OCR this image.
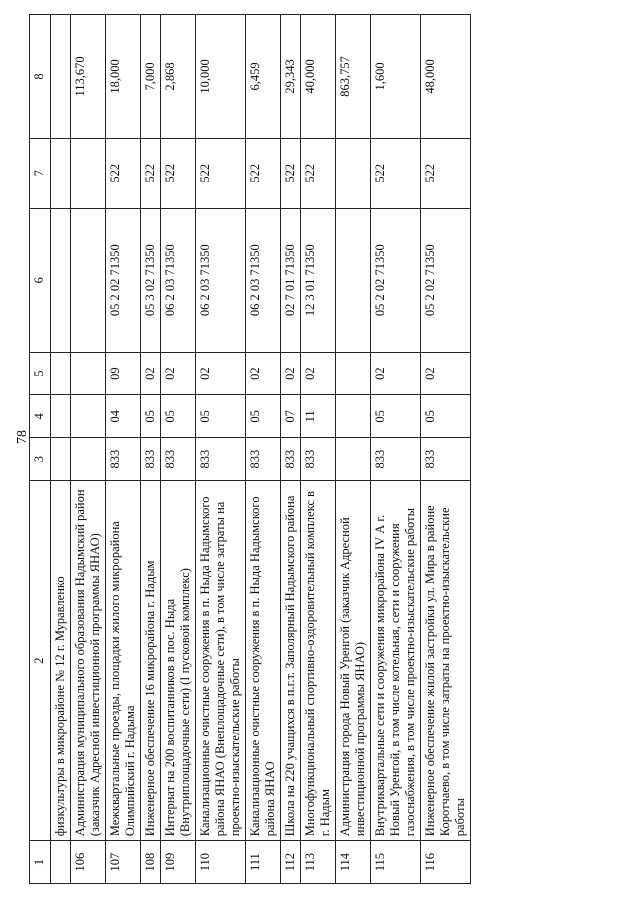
78
1	2	3	4	5	6	7	8
	физкультуры в микрорайоне № 12 г. Муравленко						
106	Администрация муниципального образования Надымский район (заказчик Адресной инвестиционной программы ЯНАО)						113,670
107	Межквартальные проезды, площадки жилого микрорайона Олимпийский г. Надыма	833	04	09	05 2 02 71350	522	18,000
108	Инженерное обеспечение 16 микрорайона г. Надым	833	05	02	05 3 02 71350	522	7,000
109	Интернат на 200 воспитанников в пос. Ныда (Внутриплощадочные сети) (I пусковой комплекс)	833	05	02	06 2 03 71350	522	2,868
110	Канализационные очистные сооружения в п. Ныда Надымского района ЯНАО (Внеплощадочные сети), в том числе затраты на проектно-изыскательские работы	833	05	02	06 2 03 71350	522	10,000
111	Канализационные очистные сооружения в п. Ныда Надымского района ЯНАО	833	05	02	06 2 03 71350	522	6,459
112	Школа на 220 учащихся в п.г.т. Заполярный Надымского района	833	07	02	02 7 01 71350	522	29,343
113	Многофункциональный спортивно-оздоровительный комплекс в г. Надым	833	11	02	12 3 01 71350	522	40,000
114	Администрация города Новый Уренгой (заказчик Адресной инвестиционной программы ЯНАО)						863,757
115	Внутриквартальные сети и сооружения микрорайона IV А г. Новый Уренгой, в том числе котельная, сети и сооружения газоснабжения, в том числе проектно-изыскательские работы	833	05	02	05 2 02 71350	522	1,600
116	Инженерное обеспечение жилой застройки ул. Мира в районе Коротчаево, в том числе затраты на проектно-изыскательские работы	833	05	02	05 2 02 71350	522	48,000
